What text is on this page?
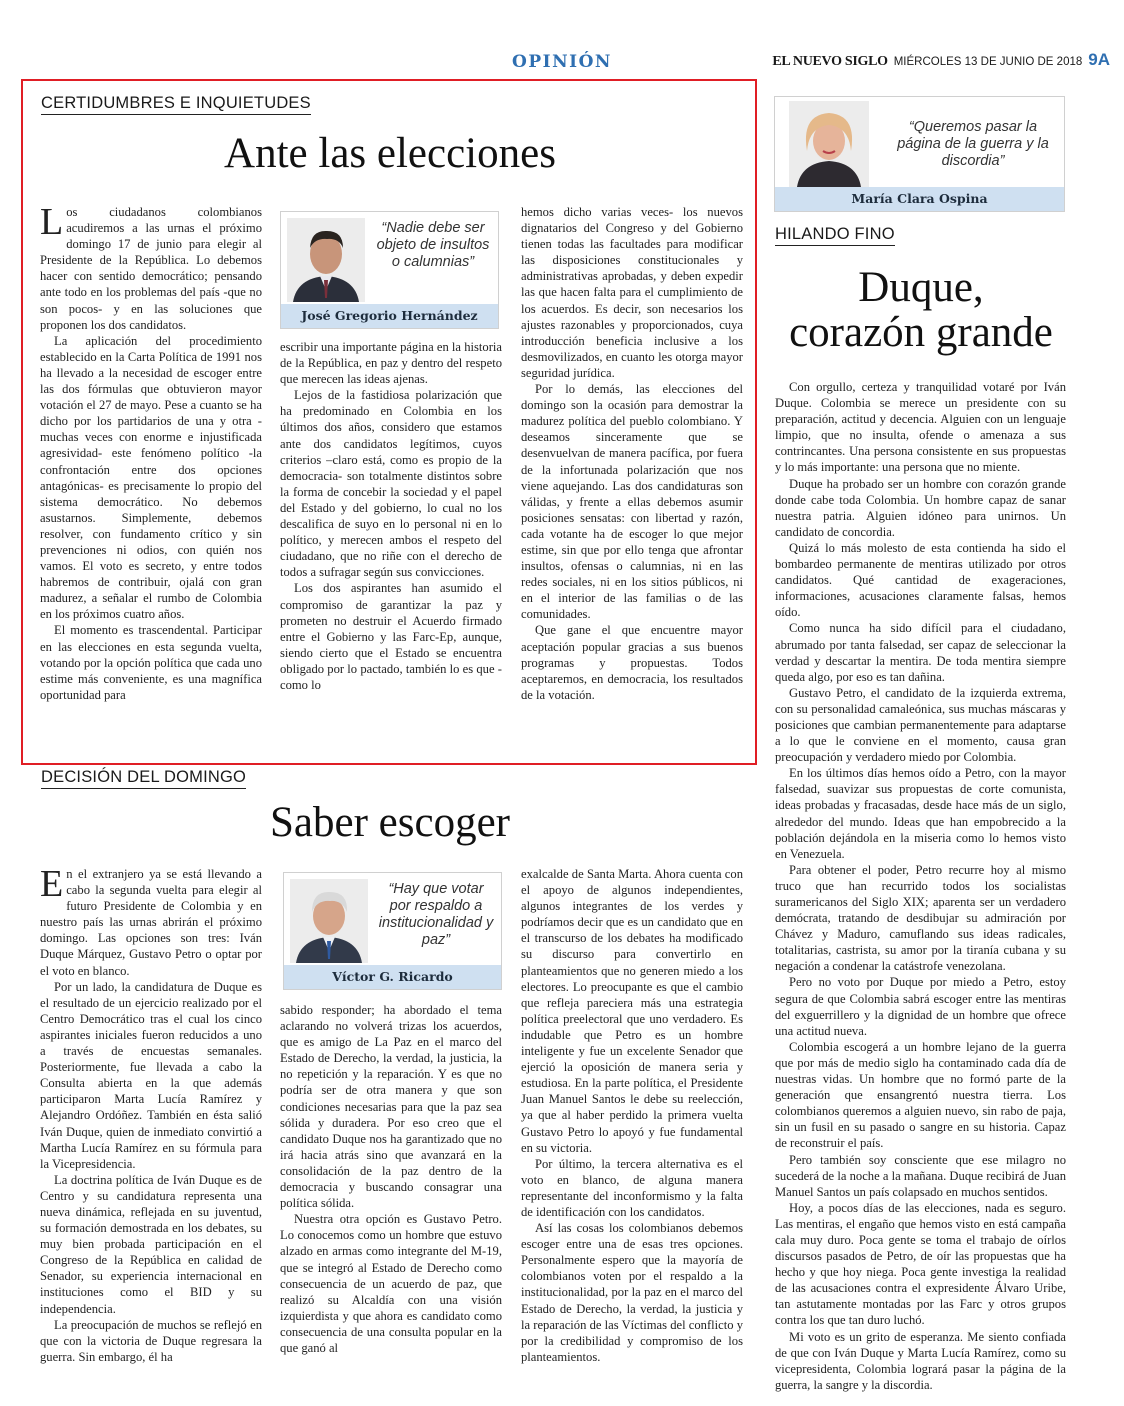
OPINIÓN	EL NUEVO SIGLO MIÉRCOLES 13 DE JUNIO DE 2018 9A
CERTIDUMBRES E INQUIETUDES
Ante las elecciones

Los ciudadanos colombianos acudiremos a las urnas el próximo domingo 17 de junio para elegir al Presidente de la República. Lo debemos hacer con sentido democrático; pensando ante todo en los problemas del país -que no son pocos- y en las soluciones que proponen los dos candidatos.

La aplicación del procedimiento establecido en la Carta Política de 1991 nos ha llevado a la necesidad de escoger entre las dos fórmulas que obtuvieron mayor votación el 27 de mayo. Pese a cuanto se ha dicho por los partidarios de una y otra -muchas veces con enorme e injustificada agresividad- este fenómeno político -la confrontación entre dos opciones antagónicas- es precisamente lo propio del sistema democrático. No debemos asustarnos. Simplemente, debemos resolver, con fundamento crítico y sin prevenciones ni odios, con quién nos vamos. El voto es secreto, y entre todos habremos de contribuir, ojalá con gran madurez, a señalar el rumbo de Colombia en los próximos cuatro años.

El momento es trascendental. Participar en las elecciones en esta segunda vuelta, votando por la opción política que cada uno estime más conveniente, es una magnífica oportunidad para

“Nadie debe ser objeto de insultos o calumnias”
José Gregorio Hernández

escribir una importante página en la historia de la República, en paz y dentro del respeto que merecen las ideas ajenas.

Lejos de la fastidiosa polarización que ha predominado en Colombia en los últimos dos años, considero que estamos ante dos candidatos legítimos, cuyos criterios –claro está, como es propio de la democracia- son totalmente distintos sobre la forma de concebir la sociedad y el papel del Estado y del gobierno, lo cual no los descalifica de suyo en lo personal ni en lo político, y merecen ambos el respeto del ciudadano, que no riñe con el derecho de todos a sufragar según sus convicciones.

Los dos aspirantes han asumido el compromiso de garantizar la paz y prometen no destruir el Acuerdo firmado entre el Gobierno y las Farc-Ep, aunque, siendo cierto que el Estado se encuentra obligado por lo pactado, también lo es que -como lo

hemos dicho varias veces- los nuevos dignatarios del Congreso y del Gobierno tienen todas las facultades para modificar las disposiciones constitucionales y administrativas aprobadas, y deben expedir las que hacen falta para el cumplimiento de los acuerdos. Es decir, son necesarios los ajustes razonables y proporcionados, cuya introducción beneficia inclusive a los desmovilizados, en cuanto les otorga mayor seguridad jurídica.

Por lo demás, las elecciones del domingo son la ocasión para demostrar la madurez política del pueblo colombiano. Y deseamos sinceramente que se desenvuelvan de manera pacífica, por fuera de la infortunada polarización que nos viene aquejando. Las dos candidaturas son válidas, y frente a ellas debemos asumir posiciones sensatas: con libertad y razón, cada votante ha de escoger lo que mejor estime, sin que por ello tenga que afrontar insultos, ofensas o calumnias, ni en las redes sociales, ni en los sitios públicos, ni en el interior de las familias o de las comunidades.

Que gane el que encuentre mayor aceptación popular gracias a sus buenos programas y propuestas. Todos aceptaremos, en democracia, los resultados de la votación.

DECISIÓN DEL DOMINGO
Saber escoger

En el extranjero ya se está llevando a cabo la segunda vuelta para elegir al futuro Presidente de Colombia y en nuestro país las urnas abrirán el próximo domingo. Las opciones son tres: Iván Duque Márquez, Gustavo Petro o optar por el voto en blanco.

Por un lado, la candidatura de Duque es el resultado de un ejercicio realizado por el Centro Democrático tras el cual los cinco aspirantes iniciales fueron reducidos a uno a través de encuestas semanales. Posteriormente, fue llevada a cabo la Consulta abierta en la que además participaron Marta Lucía Ramírez y Alejandro Ordóñez. También en ésta salió Iván Duque, quien de inmediato convirtió a Martha Lucía Ramírez en su fórmula para la Vicepresidencia.

La doctrina política de Iván Duque es de Centro y su candidatura representa una nueva dinámica, reflejada en su juventud, su formación demostrada en los debates, su muy bien probada participación en el Congreso de la República en calidad de Senador, su experiencia internacional en instituciones como el BID y su independencia.

La preocupación de muchos se reflejó en que con la victoria de Duque regresara la guerra. Sin embargo, él ha

“Hay que votar por respaldo a institucionalidad y paz”
Víctor G. Ricardo

sabido responder; ha abordado el tema aclarando no volverá trizas los acuerdos, que es amigo de La Paz en el marco del Estado de Derecho, la verdad, la justicia, la no repetición y la reparación. Y es que no podría ser de otra manera y que son condiciones necesarias para que la paz sea sólida y duradera. Por eso creo que el candidato Duque nos ha garantizado que no irá hacia atrás sino que avanzará en la consolidación de la paz dentro de la democracia y buscando consagrar una política sólida.

Nuestra otra opción es Gustavo Petro. Lo conocemos como un hombre que estuvo alzado en armas como integrante del M-19, que se integró al Estado de Derecho como consecuencia de un acuerdo de paz, que realizó su Alcaldía con una visión izquierdista y que ahora es candidato como consecuencia de una consulta popular en la que ganó al

exalcalde de Santa Marta. Ahora cuenta con el apoyo de algunos independientes, algunos integrantes de los verdes y podríamos decir que es un candidato que en el transcurso de los debates ha modificado su discurso para convertirlo en planteamientos que no generen miedo a los electores. Lo preocupante es que el cambio que refleja pareciera más una estrategia política preelectoral que uno verdadero. Es indudable que Petro es un hombre inteligente y fue un excelente Senador que ejerció la oposición de manera seria y estudiosa. En la parte política, el Presidente Juan Manuel Santos le debe su reelección, ya que al haber perdido la primera vuelta Gustavo Petro lo apoyó y fue fundamental en su victoria.

Por último, la tercera alternativa es el voto en blanco, de alguna manera representante del inconformismo y la falta de identificación con los candidatos.

Así las cosas los colombianos debemos escoger entre una de esas tres opciones. Personalmente espero que la mayoría de colombianos voten por el respaldo a la institucionalidad, por la paz en el marco del Estado de Derecho, la verdad, la justicia y la reparación de las Víctimas del conflicto y por la credibilidad y compromiso de los planteamientos.

“Queremos pasar la página de la guerra y la discordia”
María Clara Ospina
HILANDO FINO
Duque,
corazón grande

Con orgullo, certeza y tranquilidad votaré por Iván Duque. Colombia se merece un presidente con su preparación, actitud y decencia. Alguien con un lenguaje limpio, que no insulta, ofende o amenaza a sus contrincantes. Una persona consistente en sus propuestas y lo más importante: una persona que no miente.

Duque ha probado ser un hombre con corazón grande donde cabe toda Colombia. Un hombre capaz de sanar nuestra patria. Alguien idóneo para unirnos. Un candidato de concordia.

Quizá lo más molesto de esta contienda ha sido el bombardeo permanente de mentiras utilizado por otros candidatos. Qué cantidad de exageraciones, informaciones, acusaciones claramente falsas, hemos oído.

Como nunca ha sido difícil para el ciudadano, abrumado por tanta falsedad, ser capaz de seleccionar la verdad y descartar la mentira. De toda mentira siempre queda algo, por eso es tan dañina.

Gustavo Petro, el candidato de la izquierda extrema, con su personalidad camaleónica, sus muchas máscaras y posiciones que cambian permanentemente para adaptarse a lo que le conviene en el momento, causa gran preocupación y verdadero miedo por Colombia.

En los últimos días hemos oído a Petro, con la mayor falsedad, suavizar sus propuestas de corte comunista, ideas probadas y fracasadas, desde hace más de un siglo, alrededor del mundo. Ideas que han empobrecido a la población dejándola en la miseria como lo hemos visto en Venezuela.

Para obtener el poder, Petro recurre hoy al mismo truco que han recurrido todos los socialistas suramericanos del Siglo XIX; aparenta ser un verdadero demócrata, tratando de desdibujar su admiración por Chávez y Maduro, camuflando sus ideas radicales, totalitarias, castrista, su amor por la tiranía cubana y su negación a condenar la catástrofe venezolana.

Pero no voto por Duque por miedo a Petro, estoy segura de que Colombia sabrá escoger entre las mentiras del exguerrillero y la dignidad de un hombre que ofrece una actitud nueva.

Colombia escogerá a un hombre lejano de la guerra que por más de medio siglo ha contaminado cada día de nuestras vidas. Un hombre que no formó parte de la generación que ensangrentó nuestra tierra. Los colombianos queremos a alguien nuevo, sin rabo de paja, sin un fusil en su pasado o sangre en su historia. Capaz de reconstruir el país.

Pero también soy consciente que ese milagro no sucederá de la noche a la mañana. Duque recibirá de Juan Manuel Santos un país colapsado en muchos sentidos.

Hoy, a pocos días de las elecciones, nada es seguro. Las mentiras, el engaño que hemos visto en está campaña cala muy duro. Poca gente se toma el trabajo de oírlos discursos pasados de Petro, de oír las propuestas que ha hecho y que hoy niega. Poca gente investiga la realidad de las acusaciones contra el expresidente Álvaro Uribe, tan astutamente montadas por las Farc y otros grupos contra los que tan duro luchó.

Mi voto es un grito de esperanza. Me siento confiada de que con Iván Duque y Marta Lucía Ramírez, como su vicepresidenta, Colombia logrará pasar la página de la guerra, la sangre y la discordia.
